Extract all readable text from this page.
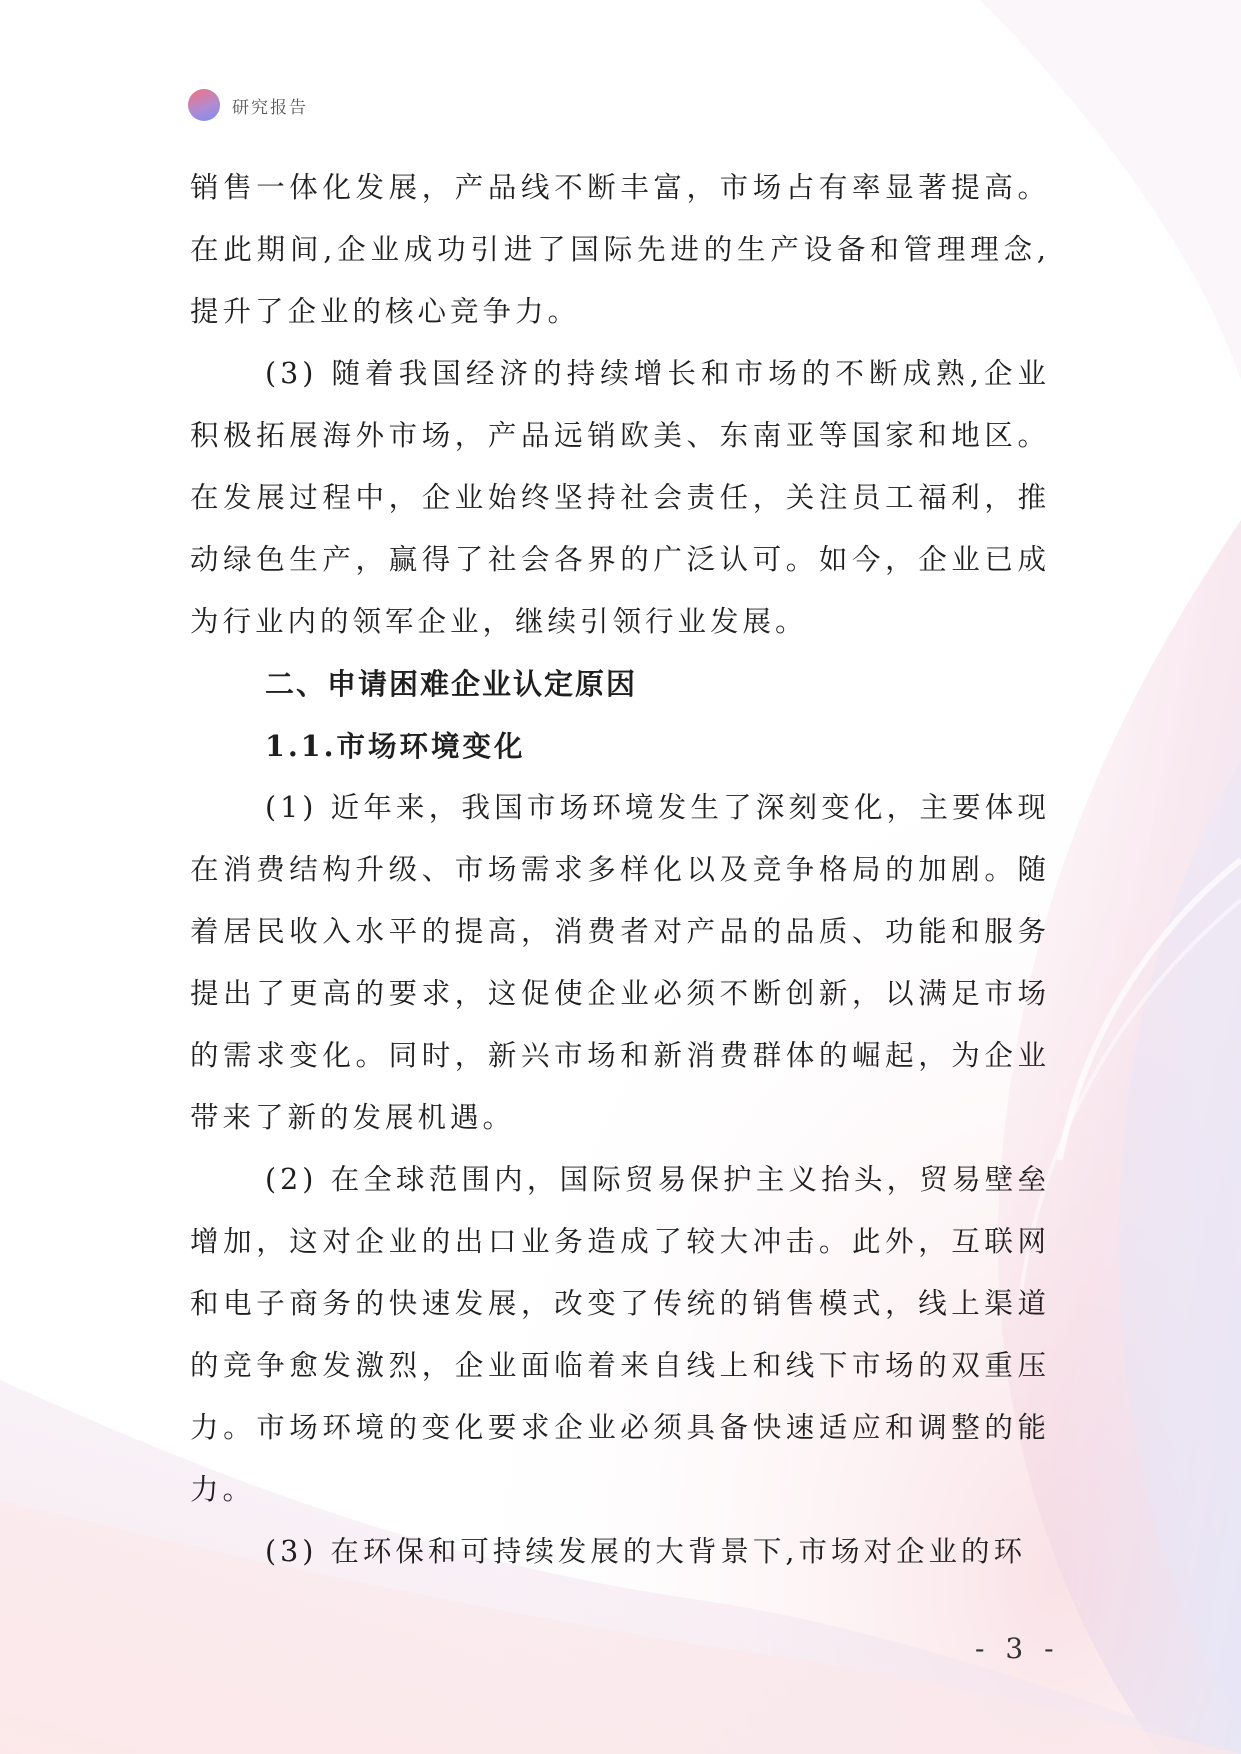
研究报告

销售一体化发展，产品线不断丰富，市场占有率显著提高。在此期间,企业成功引进了国际先进的生产设备和管理理念,提升了企业的核心竞争力。

(3) 随着我国经济的持续增长和市场的不断成熟,企业积极拓展海外市场，产品远销欧美、东南亚等国家和地区。在发展过程中，企业始终坚持社会责任，关注员工福利，推动绿色生产，赢得了社会各界的广泛认可。如今，企业已成为行业内的领军企业，继续引领行业发展。

二、申请困难企业认定原因
1.1.市场环境变化

(1) 近年来，我国市场环境发生了深刻变化，主要体现在消费结构升级、市场需求多样化以及竞争格局的加剧。随着居民收入水平的提高，消费者对产品的品质、功能和服务提出了更高的要求，这促使企业必须不断创新，以满足市场的需求变化。同时，新兴市场和新消费群体的崛起，为企业带来了新的发展机遇。

(2) 在全球范围内，国际贸易保护主义抬头，贸易壁垒增加，这对企业的出口业务造成了较大冲击。此外，互联网和电子商务的快速发展，改变了传统的销售模式，线上渠道的竞争愈发激烈，企业面临着来自线上和线下市场的双重压力。市场环境的变化要求企业必须具备快速适应和调整的能力。

(3) 在环保和可持续发展的大背景下,市场对企业的环

- 3 -
